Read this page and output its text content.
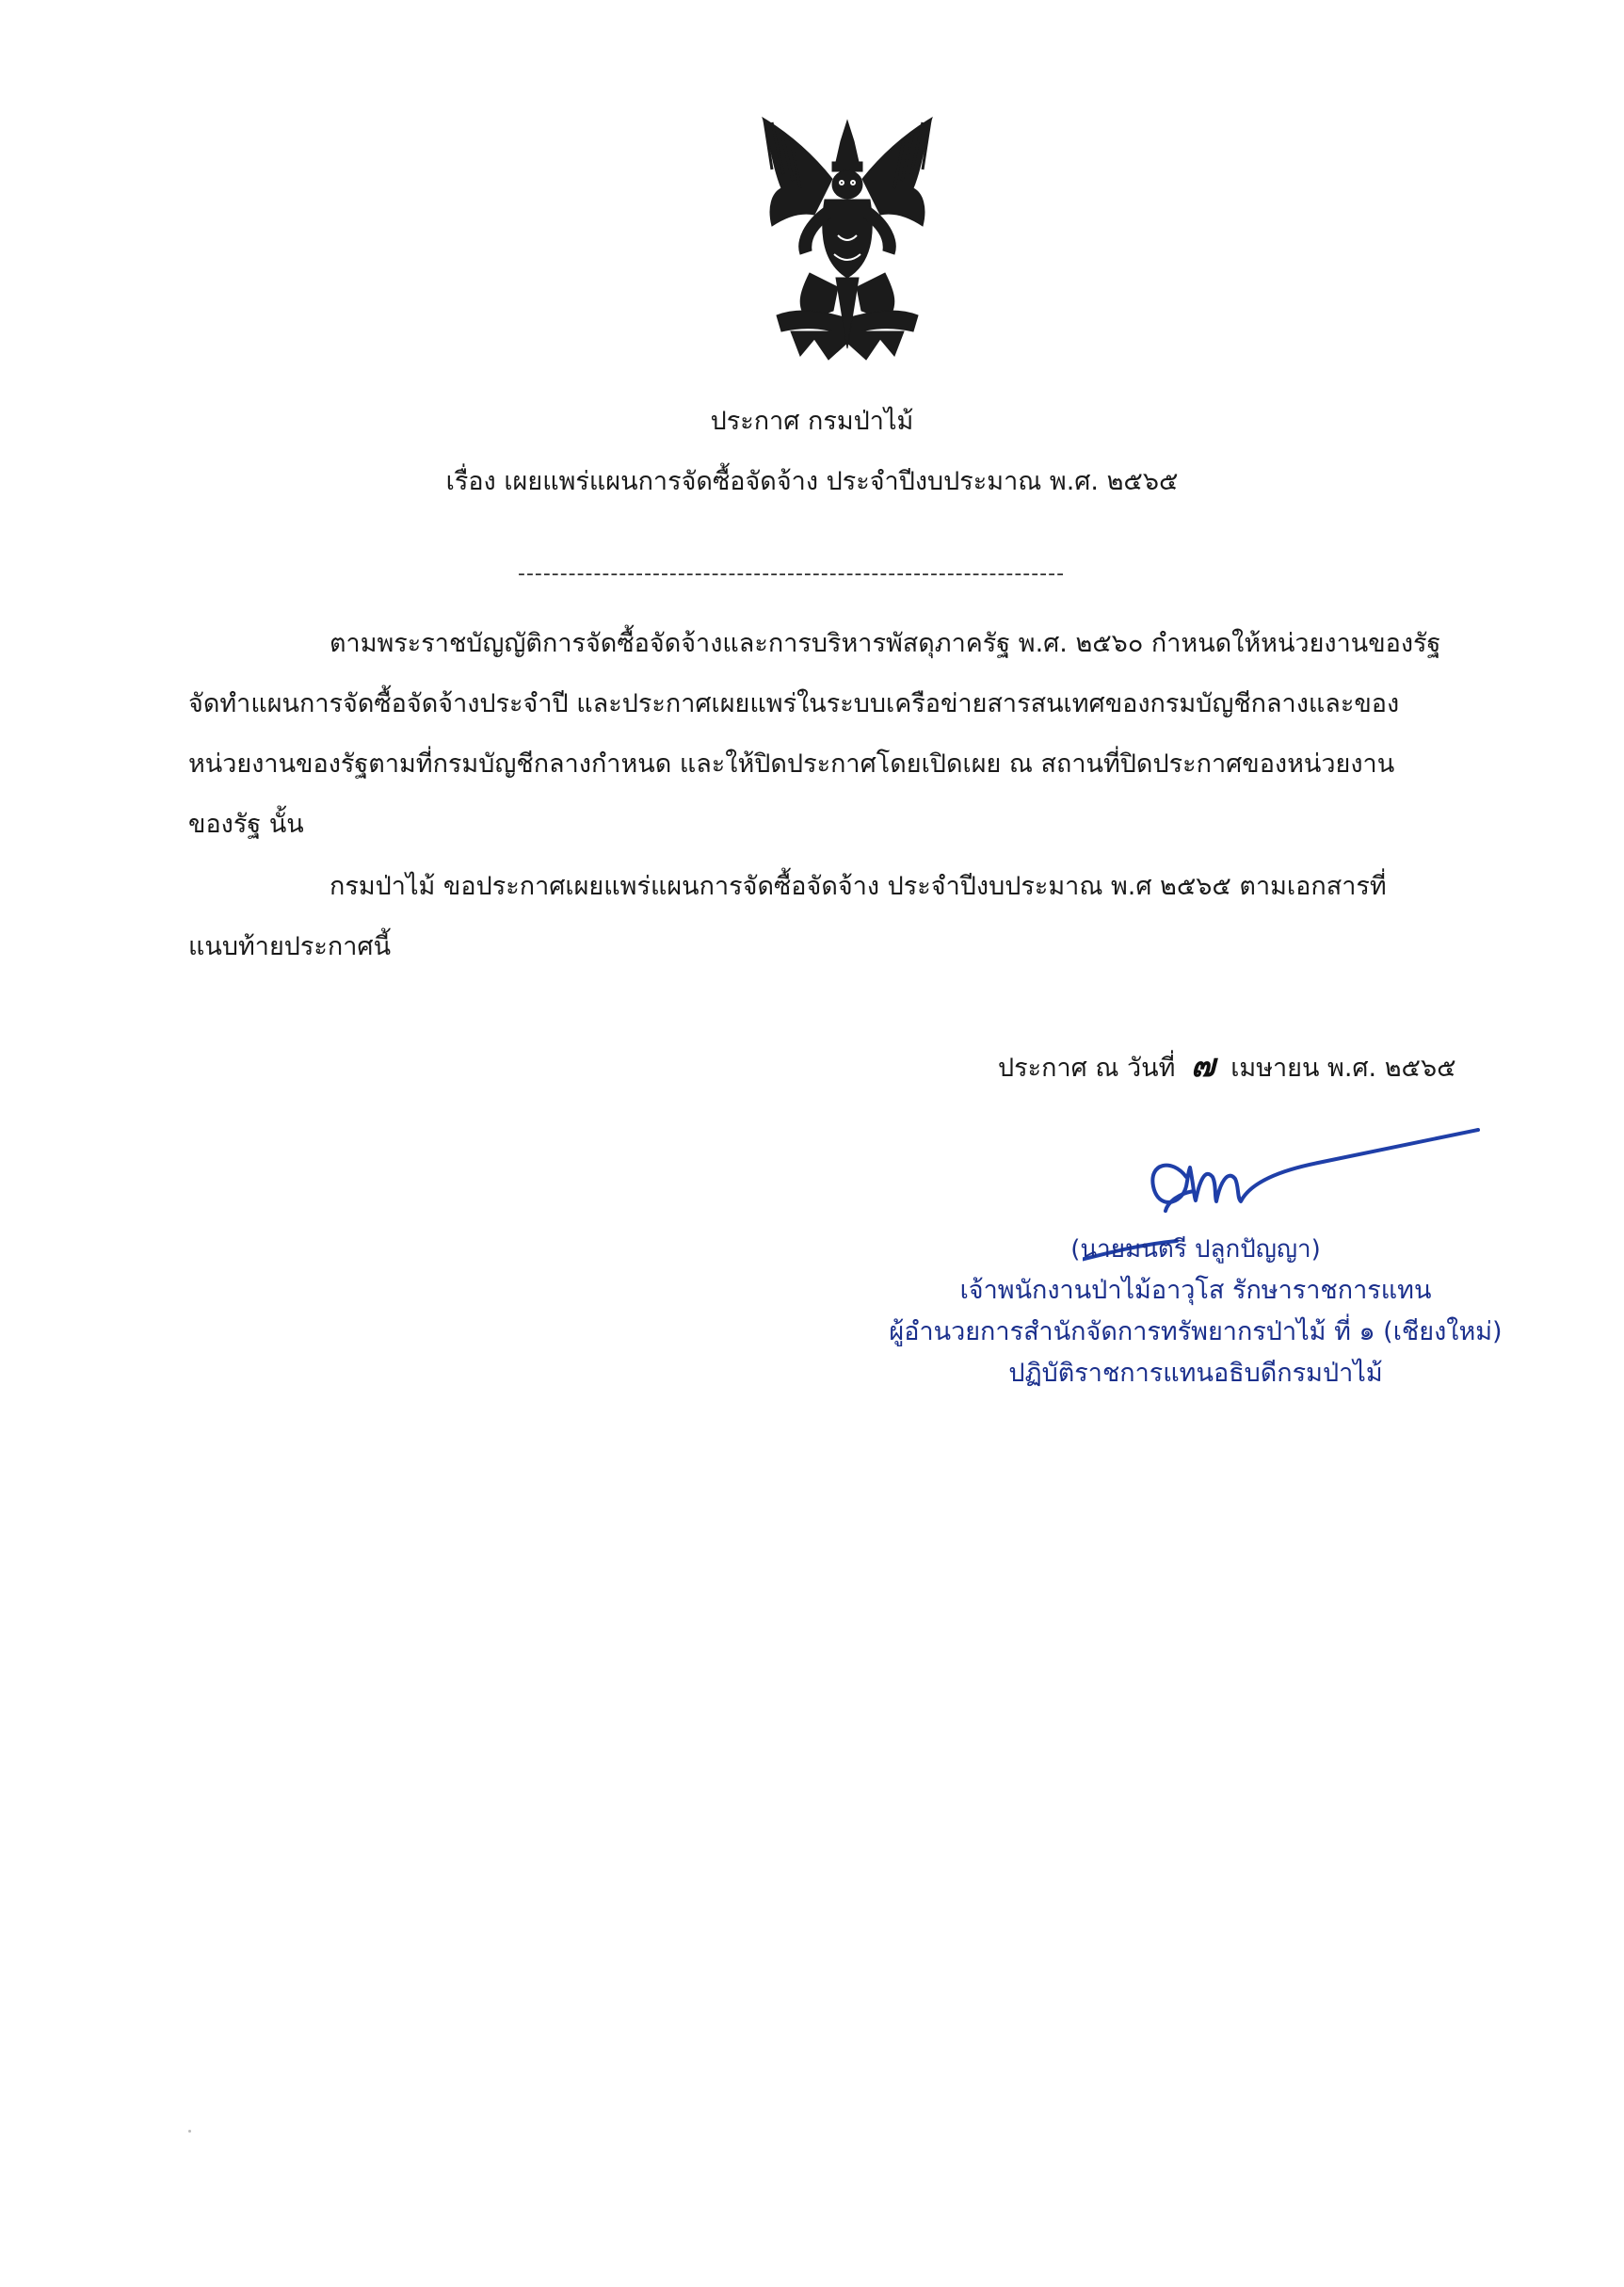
ประกาศ กรมป่าไม้
เรื่อง เผยแพร่แผนการจัดซื้อจัดจ้าง ประจำปีงบประมาณ พ.ศ. ๒๕๖๕
-----------------------------------------------------------------
ตามพระราชบัญญัติการจัดซื้อจัดจ้างและการบริหารพัสดุภาครัฐ พ.ศ. ๒๕๖๐ กำหนดให้หน่วยงานของรัฐ
จัดทำแผนการจัดซื้อจัดจ้างประจำปี และประกาศเผยแพร่ในระบบเครือข่ายสารสนเทศของกรมบัญชีกลางและของ
หน่วยงานของรัฐตามที่กรมบัญชีกลางกำหนด และให้ปิดประกาศโดยเปิดเผย ณ สถานที่ปิดประกาศของหน่วยงาน
ของรัฐ นั้น
กรมป่าไม้ ขอประกาศเผยแพร่แผนการจัดซื้อจัดจ้าง ประจำปีงบประมาณ พ.ศ ๒๕๖๕ ตามเอกสารที่
แนบท้ายประกาศนี้
ประกาศ ณ วันที่ ๗ เมษายน พ.ศ. ๒๕๖๕
(นายมนตรี ปลูกปัญญา)
เจ้าพนักงานป่าไม้อาวุโส รักษาราชการแทน
ผู้อำนวยการสำนักจัดการทรัพยากรป่าไม้ ที่ ๑ (เชียงใหม่)
ปฏิบัติราชการแทนอธิบดีกรมป่าไม้
